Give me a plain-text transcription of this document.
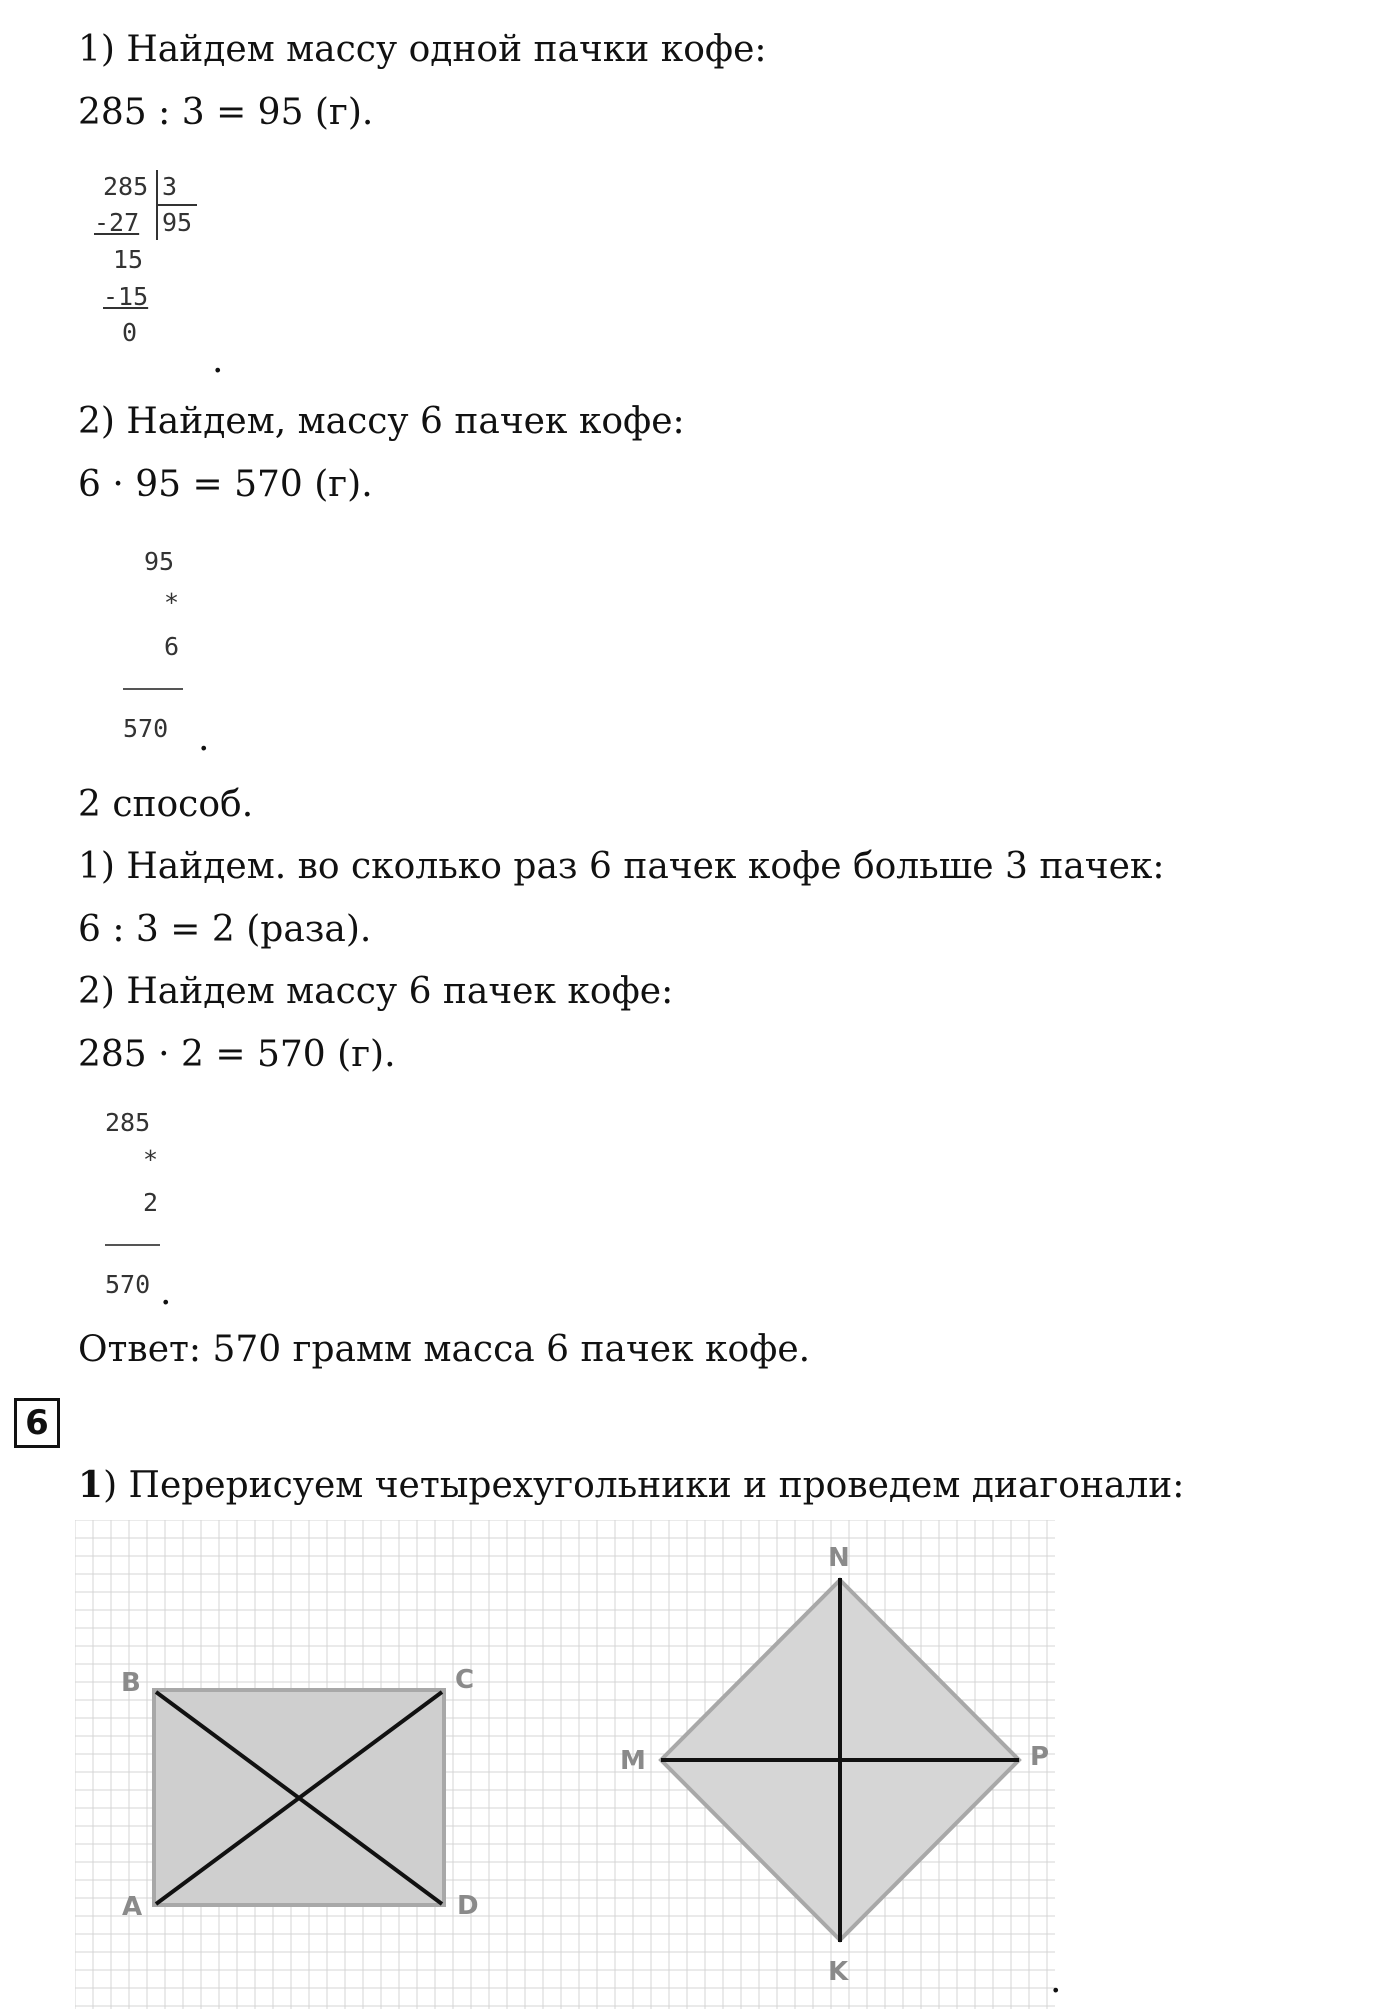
1) Найдем массу одной пачки кофе:
285 : 3 = 95 (г).
285 3
-27 95
15
-15
0
.
2) Найдем, массу 6 пачек кофе:
6 · 95 = 570 (г).
95
*
6
570 .
2 способ.
1) Найдем. во сколько раз 6 пачек кофе больше 3 пачек:
6 : 3 = 2 (раза).
2) Найдем массу 6 пачек кофе:
285 · 2 = 570 (г).
285
*
2
570 .
Ответ: 570 грамм масса 6 пачек кофе.
6
1) Перерисуем четырехугольники и проведем диагонали:
B	C
A	D
N
M	P
K	.
